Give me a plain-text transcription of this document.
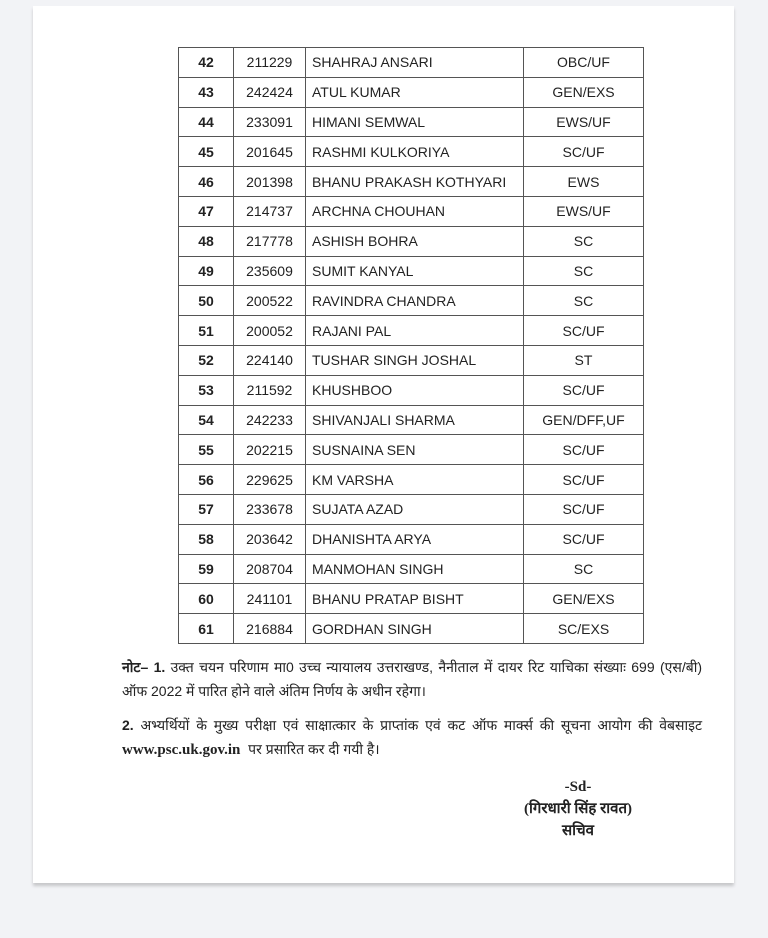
42	211229	SHAHRAJ ANSARI	OBC/UF
43	242424	ATUL KUMAR	GEN/EXS
44	233091	HIMANI SEMWAL	EWS/UF
45	201645	RASHMI KULKORIYA	SC/UF
46	201398	BHANU PRAKASH KOTHYARI	EWS
47	214737	ARCHNA CHOUHAN	EWS/UF
48	217778	ASHISH BOHRA	SC
49	235609	SUMIT KANYAL	SC
50	200522	RAVINDRA CHANDRA	SC
51	200052	RAJANI PAL	SC/UF
52	224140	TUSHAR SINGH JOSHAL	ST
53	211592	KHUSHBOO	SC/UF
54	242233	SHIVANJALI SHARMA	GEN/DFF,UF
55	202215	SUSNAINA SEN	SC/UF
56	229625	KM VARSHA	SC/UF
57	233678	SUJATA AZAD	SC/UF
58	203642	DHANISHTA ARYA	SC/UF
59	208704	MANMOHAN SINGH	SC
60	241101	BHANU PRATAP BISHT	GEN/EXS
61	216884	GORDHAN SINGH	SC/EXS

नोट– 1. उक्त चयन परिणाम मा0 उच्च न्यायालय उत्तराखण्ड, नैनीताल में दायर रिट याचिका संख्याः 699 (एस/बी) ऑफ 2022 में पारित होने वाले अंतिम निर्णय के अधीन रहेगा।

2. अभ्यर्थियों के मुख्य परीक्षा एवं साक्षात्कार के प्राप्तांक एवं कट ऑफ मार्क्स की सूचना आयोग की वेबसाइट www.psc.uk.gov.in पर प्रसारित कर दी गयी है।

-Sd-
(गिरधारी सिंह रावत)
सचिव
